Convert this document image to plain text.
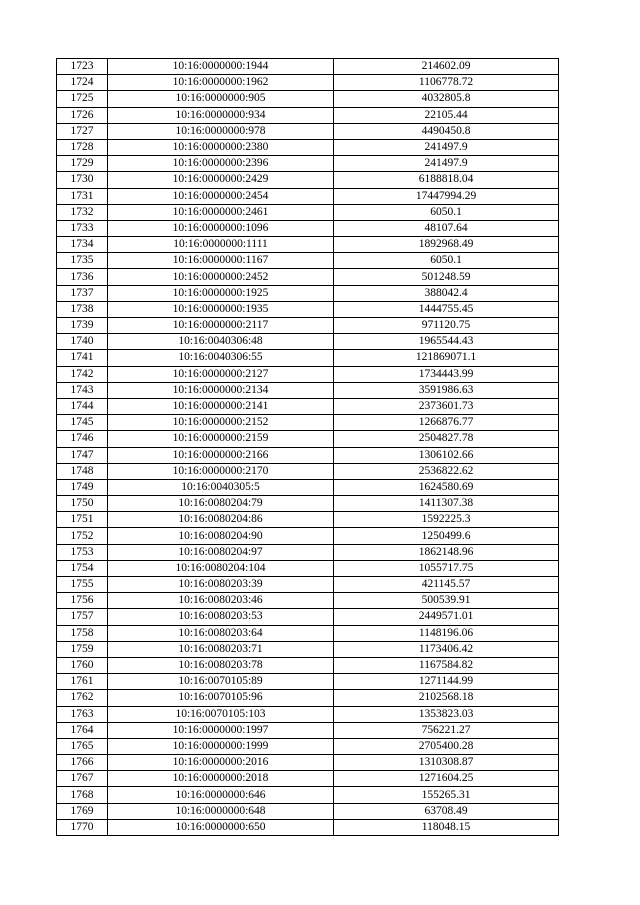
1723	10:16:0000000:1944	214602.09
1724	10:16:0000000:1962	1106778.72
1725	10:16:0000000:905	4032805.8
1726	10:16:0000000:934	22105.44
1727	10:16:0000000:978	4490450.8
1728	10:16:0000000:2380	241497.9
1729	10:16:0000000:2396	241497.9
1730	10:16:0000000:2429	6188818.04
1731	10:16:0000000:2454	17447994.29
1732	10:16:0000000:2461	6050.1
1733	10:16:0000000:1096	48107.64
1734	10:16:0000000:1111	1892968.49
1735	10:16:0000000:1167	6050.1
1736	10:16:0000000:2452	501248.59
1737	10:16:0000000:1925	388042.4
1738	10:16:0000000:1935	1444755.45
1739	10:16:0000000:2117	971120.75
1740	10:16:0040306:48	1965544.43
1741	10:16:0040306:55	121869071.1
1742	10:16:0000000:2127	1734443.99
1743	10:16:0000000:2134	3591986.63
1744	10:16:0000000:2141	2373601.73
1745	10:16:0000000:2152	1266876.77
1746	10:16:0000000:2159	2504827.78
1747	10:16:0000000:2166	1306102.66
1748	10:16:0000000:2170	2536822.62
1749	10:16:0040305:5	1624580.69
1750	10:16:0080204:79	1411307.38
1751	10:16:0080204:86	1592225.3
1752	10:16:0080204:90	1250499.6
1753	10:16:0080204:97	1862148.96
1754	10:16:0080204:104	1055717.75
1755	10:16:0080203:39	421145.57
1756	10:16:0080203:46	500539.91
1757	10:16:0080203:53	2449571.01
1758	10:16:0080203:64	1148196.06
1759	10:16:0080203:71	1173406.42
1760	10:16:0080203:78	1167584.82
1761	10:16:0070105:89	1271144.99
1762	10:16:0070105:96	2102568.18
1763	10:16:0070105:103	1353823.03
1764	10:16:0000000:1997	756221.27
1765	10:16:0000000:1999	2705400.28
1766	10:16:0000000:2016	1310308.87
1767	10:16:0000000:2018	1271604.25
1768	10:16:0000000:646	155265.31
1769	10:16:0000000:648	63708.49
1770	10:16:0000000:650	118048.15
